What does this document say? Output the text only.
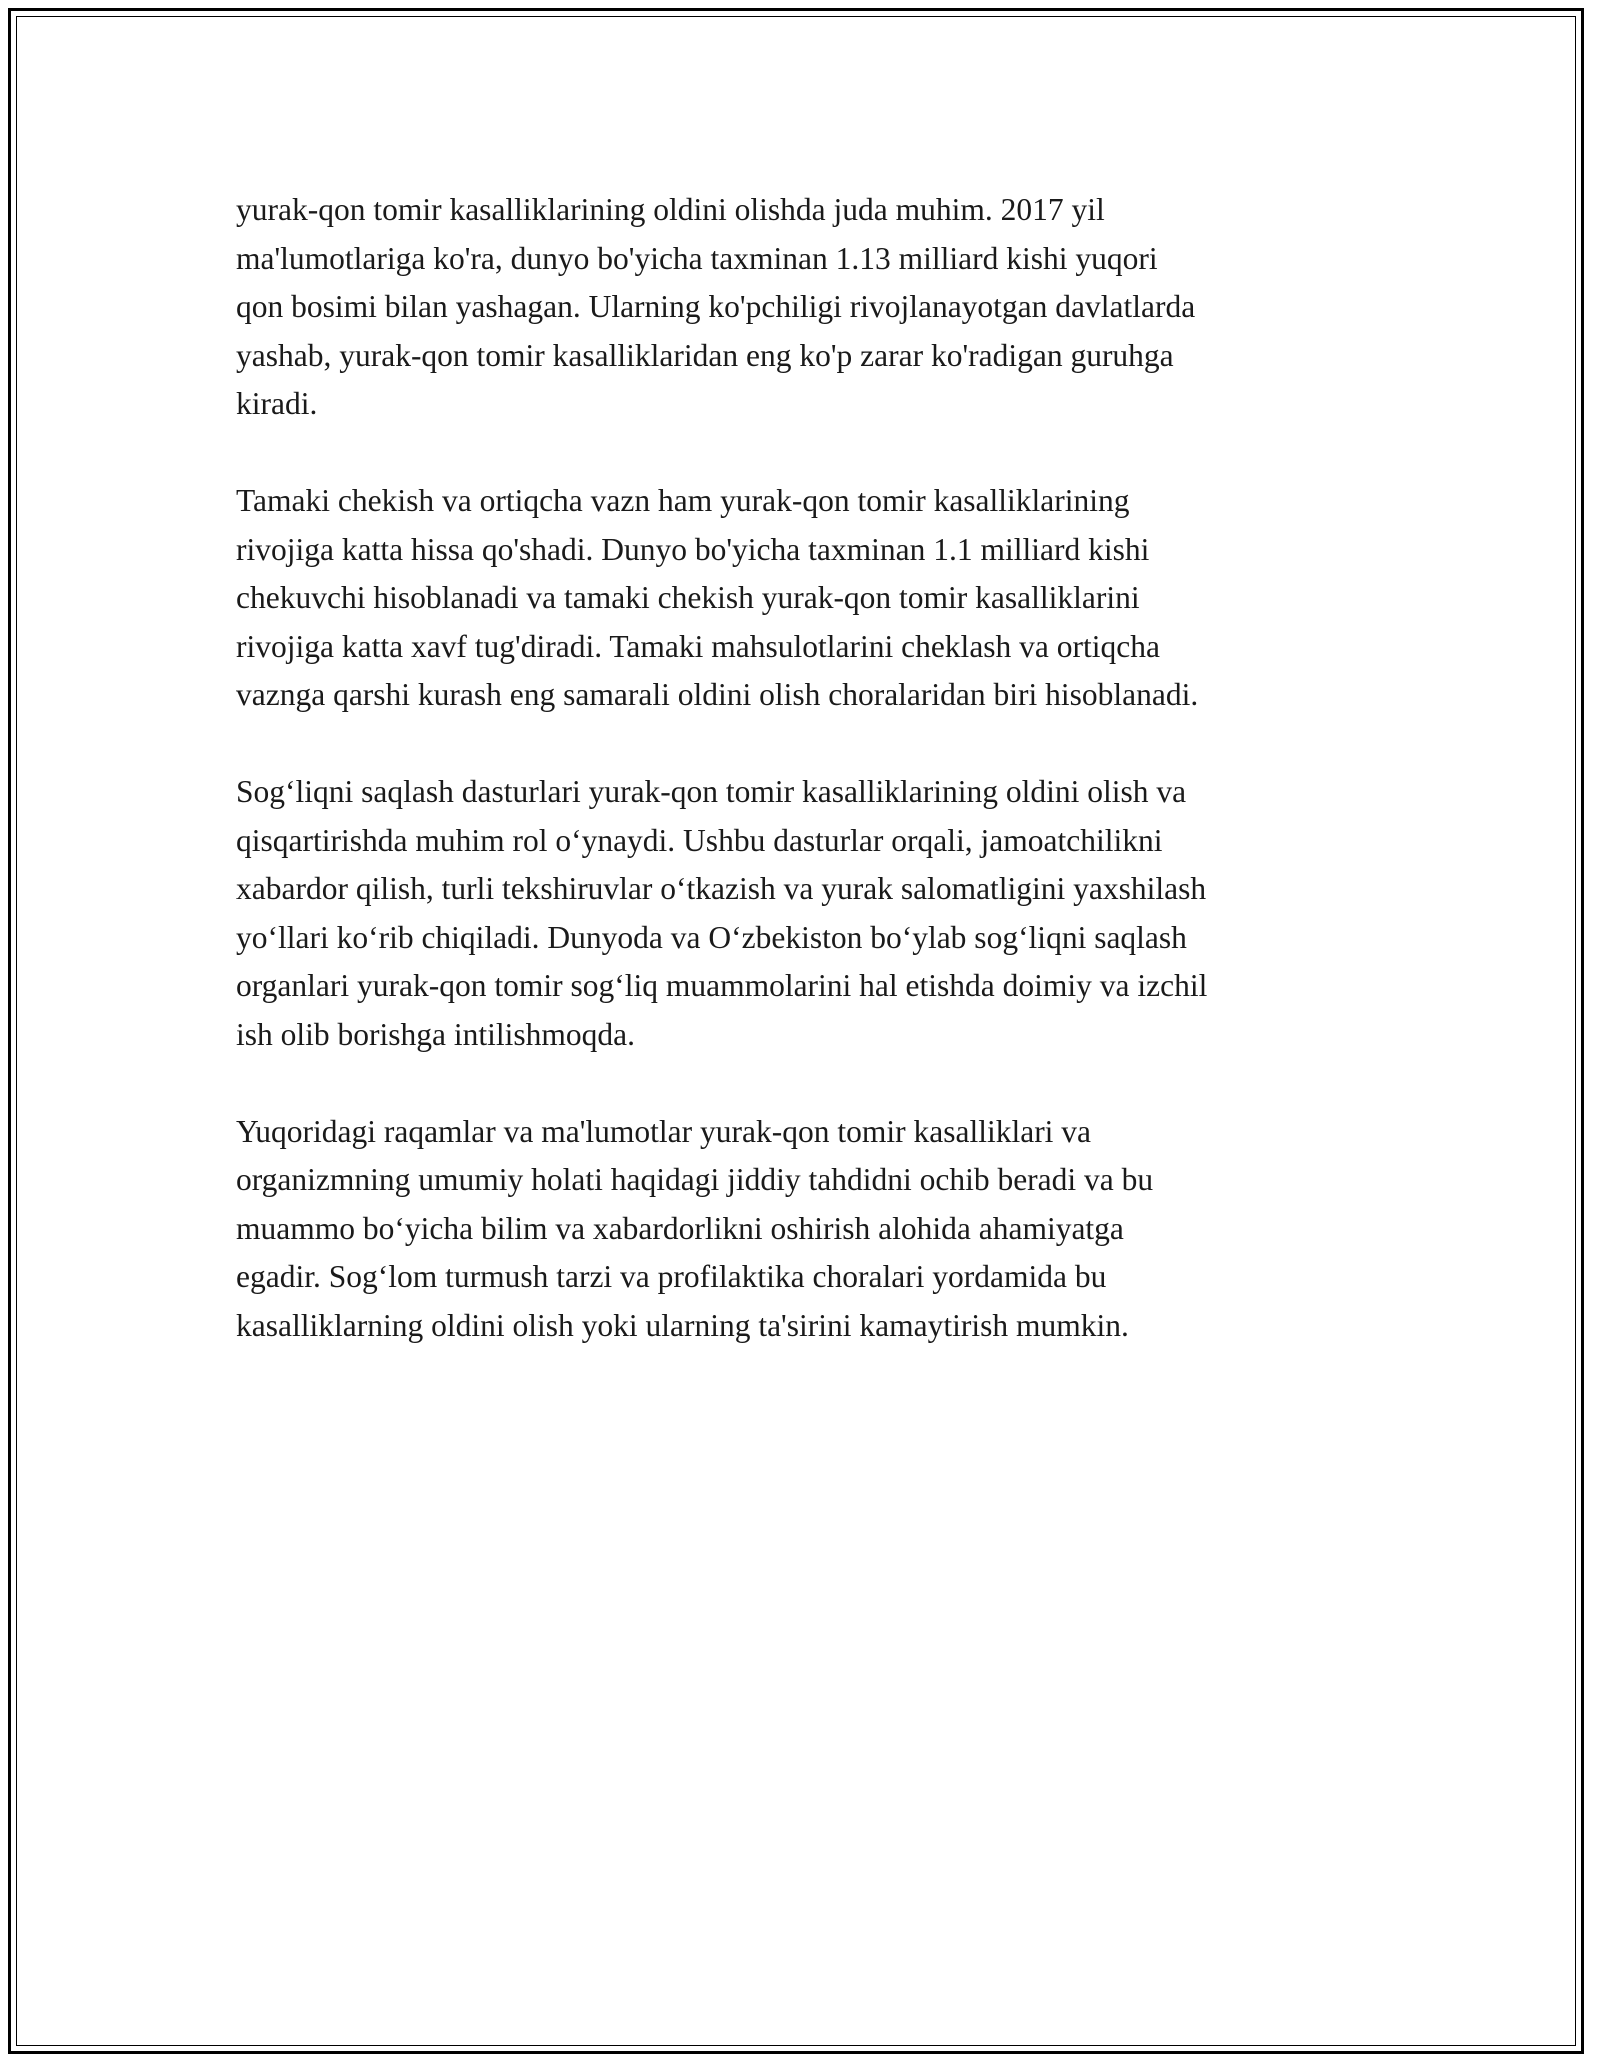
yurak-qon tomir kasalliklarining oldini olishda juda muhim. 2017 yil
ma'lumotlariga ko'ra, dunyo bo'yicha taxminan 1.13 milliard kishi yuqori
qon bosimi bilan yashagan. Ularning ko'pchiligi rivojlanayotgan davlatlarda
yashab, yurak-qon tomir kasalliklaridan eng ko'p zarar ko'radigan guruhga
kiradi.

Tamaki chekish va ortiqcha vazn ham yurak-qon tomir kasalliklarining
rivojiga katta hissa qo'shadi. Dunyo bo'yicha taxminan 1.1 milliard kishi
chekuvchi hisoblanadi va tamaki chekish yurak-qon tomir kasalliklarini
rivojiga katta xavf tug'diradi. Tamaki mahsulotlarini cheklash va ortiqcha
vaznga qarshi kurash eng samarali oldini olish choralaridan biri hisoblanadi.

Sog‘liqni saqlash dasturlari yurak-qon tomir kasalliklarining oldini olish va
qisqartirishda muhim rol o‘ynaydi. Ushbu dasturlar orqali, jamoatchilikni
xabardor qilish, turli tekshiruvlar o‘tkazish va yurak salomatligini yaxshilash
yo‘llari ko‘rib chiqiladi. Dunyoda va O‘zbekiston bo‘ylab sog‘liqni saqlash
organlari yurak-qon tomir sog‘liq muammolarini hal etishda doimiy va izchil
ish olib borishga intilishmoqda.

Yuqoridagi raqamlar va ma'lumotlar yurak-qon tomir kasalliklari va
organizmning umumiy holati haqidagi jiddiy tahdidni ochib beradi va bu
muammo bo‘yicha bilim va xabardorlikni oshirish alohida ahamiyatga
egadir. Sog‘lom turmush tarzi va profilaktika choralari yordamida bu
kasalliklarning oldini olish yoki ularning ta'sirini kamaytirish mumkin.
